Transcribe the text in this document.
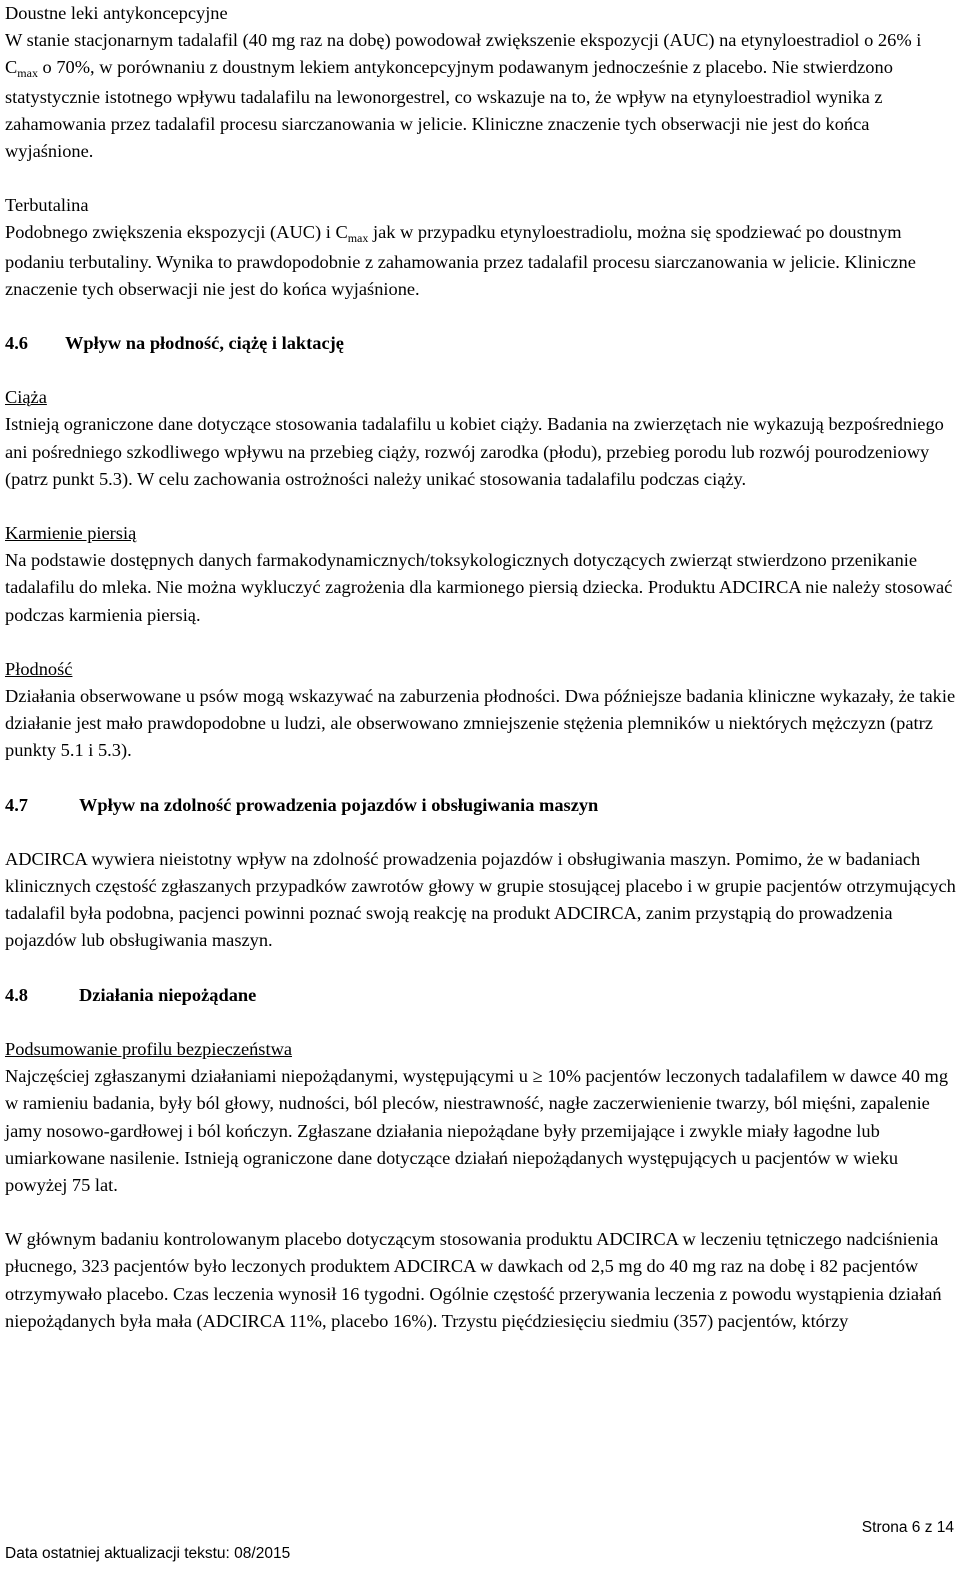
Doustne leki antykoncepcyjne

W stanie stacjonarnym tadalafil (40 mg raz na dobę) powodował zwiększenie ekspozycji (AUC) na etynyloestradiol o 26% i $C_{max}$ o 70%, w porównaniu z doustnym lekiem antykoncepcyjnym podawanym jednocześnie z placebo. Nie stwierdzono statystycznie istotnego wpływu tadalafilu na lewonorgestrel, co wskazuje na to, że wpływ na etynyloestradiol wynika z zahamowania przez tadalafil procesu siarczanowania w jelicie. Kliniczne znaczenie tych obserwacji nie jest do końca wyjaśnione.

Terbutalina

Podobnego zwiększenia ekspozycji (AUC) i $C_{max}$ jak w przypadku etynyloestradiolu, można się spodziewać po doustnym podaniu terbutaliny. Wynika to prawdopodobnie z zahamowania przez tadalafil procesu siarczanowania w jelicie. Kliniczne znaczenie tych obserwacji nie jest do końca wyjaśnione.

4.6 Wpływ na płodność, ciążę i laktację

Ciąża

Istnieją ograniczone dane dotyczące stosowania tadalafilu u kobiet ciąży. Badania na zwierzętach nie wykazują bezpośredniego ani pośredniego szkodliwego wpływu na przebieg ciąży, rozwój zarodka (płodu), przebieg porodu lub rozwój pourodzeniowy (patrz punkt 5.3). W celu zachowania ostrożności należy unikać stosowania tadalafilu podczas ciąży.

Karmienie piersią

Na podstawie dostępnych danych farmakodynamicznych/toksykologicznych dotyczących zwierząt stwierdzono przenikanie tadalafilu do mleka. Nie można wykluczyć zagrożenia dla karmionego piersią dziecka. Produktu ADCIRCA nie należy stosować podczas karmienia piersią.

Płodność

Działania obserwowane u psów mogą wskazywać na zaburzenia płodności. Dwa późniejsze badania kliniczne wykazały, że takie działanie jest mało prawdopodobne u ludzi, ale obserwowano zmniejszenie stężenia plemników u niektórych mężczyzn (patrz punkty 5.1 i 5.3).

4.7	Wpływ na zdolność prowadzenia pojazdów i obsługiwania maszyn

ADCIRCA wywiera nieistotny wpływ na zdolność prowadzenia pojazdów i obsługiwania maszyn. Pomimo, że w badaniach klinicznych częstość zgłaszanych przypadków zawrotów głowy w grupie stosującej placebo i w grupie pacjentów otrzymujących tadalafil była podobna, pacjenci powinni poznać swoją reakcję na produkt ADCIRCA, zanim przystąpią do prowadzenia pojazdów lub obsługiwania maszyn.

4.8	Działania niepożądane

Podsumowanie profilu bezpieczeństwa

Najczęściej zgłaszanymi działaniami niepożądanymi, występującymi u ≥ 10% pacjentów leczonych tadalafilem w dawce 40 mg w ramieniu badania, były ból głowy, nudności, ból pleców, niestrawność, nagłe zaczerwienienie twarzy, ból mięśni, zapalenie jamy nosowo-gardłowej i ból kończyn. Zgłaszane działania niepożądane były przemijające i zwykle miały łagodne lub umiarkowane nasilenie. Istnieją ograniczone dane dotyczące działań niepożądanych występujących u pacjentów w wieku powyżej 75 lat.

W głównym badaniu kontrolowanym placebo dotyczącym stosowania produktu ADCIRCA w leczeniu tętniczego nadciśnienia płucnego, 323 pacjentów było leczonych produktem ADCIRCA w dawkach od 2,5 mg do 40 mg raz na dobę i 82 pacjentów otrzymywało placebo. Czas leczenia wynosił 16 tygodni. Ogólnie częstość przerywania leczenia z powodu wystąpienia działań niepożądanych była mała (ADCIRCA 11%, placebo 16%). Trzystu pięćdziesięciu siedmiu (357) pacjentów, którzy

Strona 6 z 14
Data ostatniej aktualizacji tekstu: 08/2015
